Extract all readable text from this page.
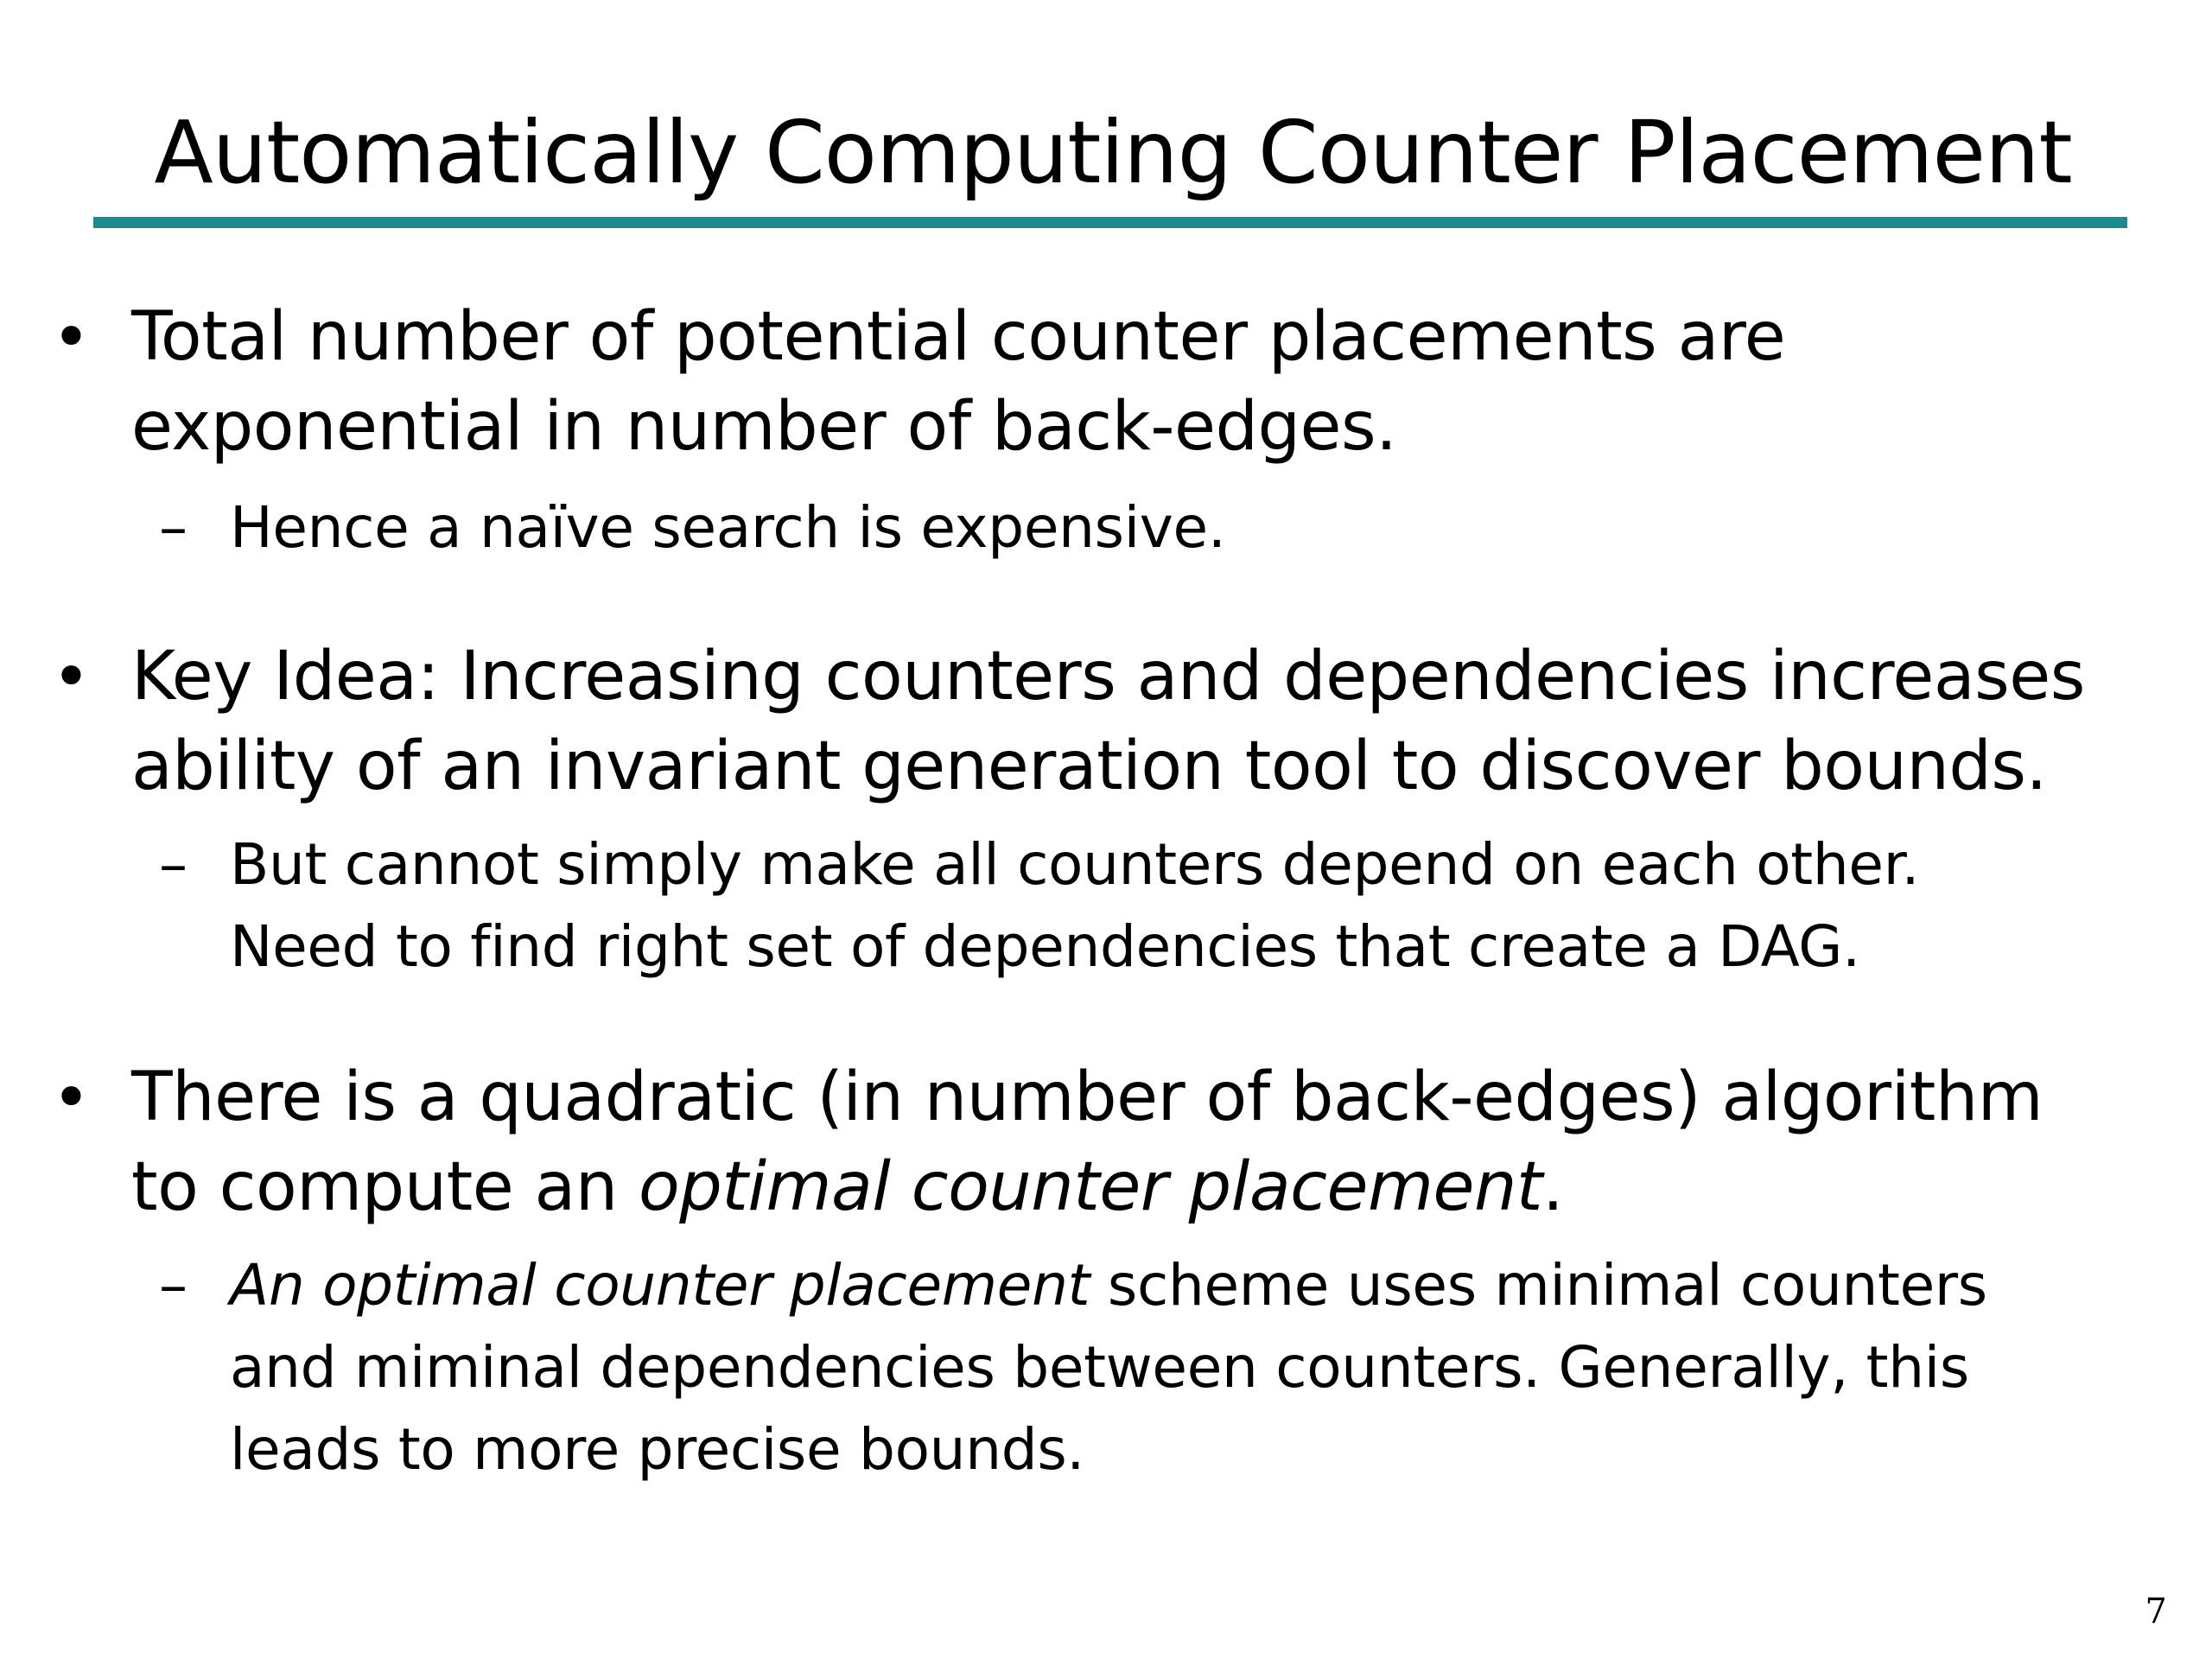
Automatically Computing Counter Placement
• Total number of potential counter placements are
exponential in number of back-edges.
– Hence a naïve search is expensive.
• Key Idea: Increasing counters and dependencies increases
ability of an invariant generation tool to discover bounds.
– But cannot simply make all counters depend on each other.
Need to find right set of dependencies that create a DAG.
• There is a quadratic (in number of back-edges) algorithm
to compute an optimal counter placement.
– An optimal counter placement scheme uses minimal counters
and miminal dependencies between counters. Generally, this
leads to more precise bounds.
7
